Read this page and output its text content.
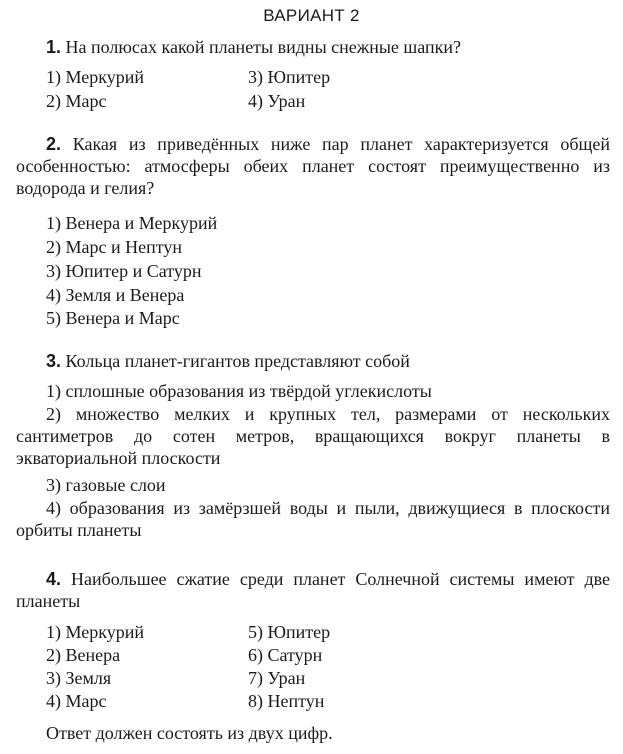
ВАРИАНТ 2
1. На полюсах какой планеты видны снежные шапки?
1) Меркурий
2) Марс
3) Юпитер
4) Уран
2. Какая из приведённых ниже пар планет характеризуется общей особенностью: атмосферы обеих планет состоят преимущественно из водорода и гелия?
1) Венера и Меркурий
2) Марс и Нептун
3) Юпитер и Сатурн
4) Земля и Венера
5) Венера и Марс
3. Кольца планет-гигантов представляют собой
1) сплошные образования из твёрдой углекислоты
2) множество мелких и крупных тел, размерами от нескольких сантиметров до сотен метров, вращающихся вокруг планеты в экваториальной плоскости
3) газовые слои
4) образования из замёрзшей воды и пыли, движущиеся в плоскости орбиты планеты
4. Наибольшее сжатие среди планет Солнечной системы имеют две планеты
1) Меркурий
2) Венера
3) Земля
4) Марс
5) Юпитер
6) Сатурн
7) Уран
8) Нептун
Ответ должен состоять из двух цифр.
